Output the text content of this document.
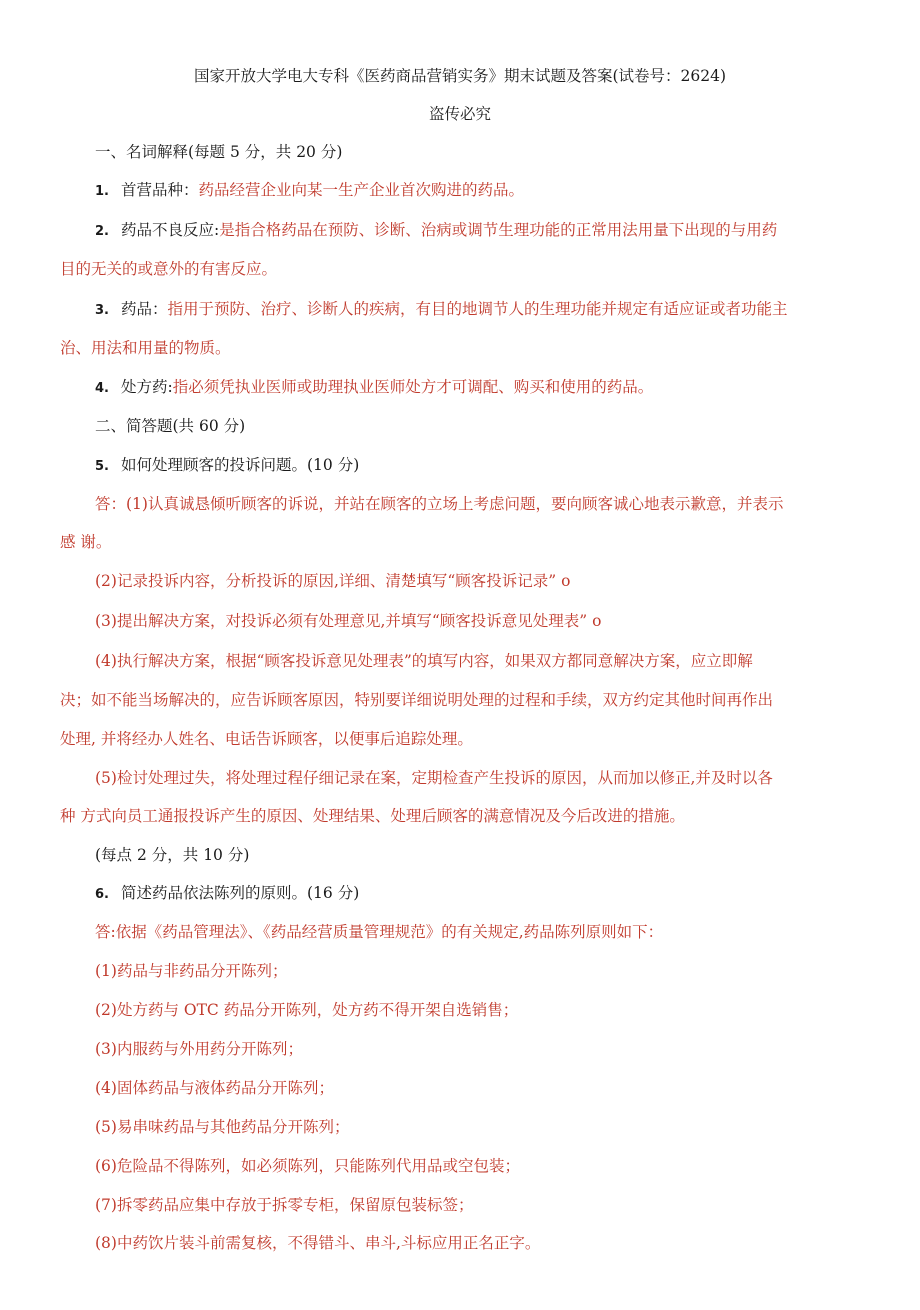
国家开放大学电大专科《医药商品营销实务》期末试题及答案(试卷号：2624)
盗传必究
一、名词解释(每题 5 分，共 20 分)
1. 首营品种：药品经营企业向某一生产企业首次购进的药品。
2. 药品不良反应:是指合格药品在预防、诊断、治病或调节生理功能的正常用法用量下出现的与用药
目的无关的或意外的有害反应。
3. 药品：指用于预防、治疗、诊断人的疾病，有目的地调节人的生理功能并规定有适应证或者功能主
治、用法和用量的物质。
4. 处方药:指必须凭执业医师或助理执业医师处方才可调配、购买和使用的药品。
二、简答题(共 60 分)
5. 如何处理顾客的投诉问题。(10 分)
答：(1)认真诚恳倾听顾客的诉说，并站在顾客的立场上考虑问题，要向顾客诚心地表示歉意，并表示
感 谢。
(2)记录投诉内容，分析投诉的原因,详细、清楚填写“顾客投诉记录” o
(3)提出解决方案，对投诉必须有处理意见,并填写“顾客投诉意见处理表” o
(4)执行解决方案，根据“顾客投诉意见处理表”的填写内容，如果双方都同意解决方案，应立即解
决；如不能当场解决的，应告诉顾客原因，特别要详细说明处理的过程和手续，双方约定其他时间再作出
处理, 并将经办人姓名、电话告诉顾客，以便事后追踪处理。
(5)检讨处理过失，将处理过程仔细记录在案，定期检查产生投诉的原因，从而加以修正,并及时以各
种 方式向员工通报投诉产生的原因、处理结果、处理后顾客的满意情况及今后改进的措施。
(每点 2 分，共 10 分)
6. 简述药品依法陈列的原则。(16 分)
答:依据《药品管理法》、《药品经营质量管理规范》的有关规定,药品陈列原则如下：
(1)药品与非药品分开陈列；
(2)处方药与 OTC 药品分开陈列，处方药不得开架自选销售；
(3)内服药与外用药分开陈列；
(4)固体药品与液体药品分开陈列；
(5)易串味药品与其他药品分开陈列；
(6)危险品不得陈列，如必须陈列，只能陈列代用品或空包装；
(7)拆零药品应集中存放于拆零专柜，保留原包装标签；
(8)中药饮片装斗前需复核，不得错斗、串斗,斗标应用正名正字。
